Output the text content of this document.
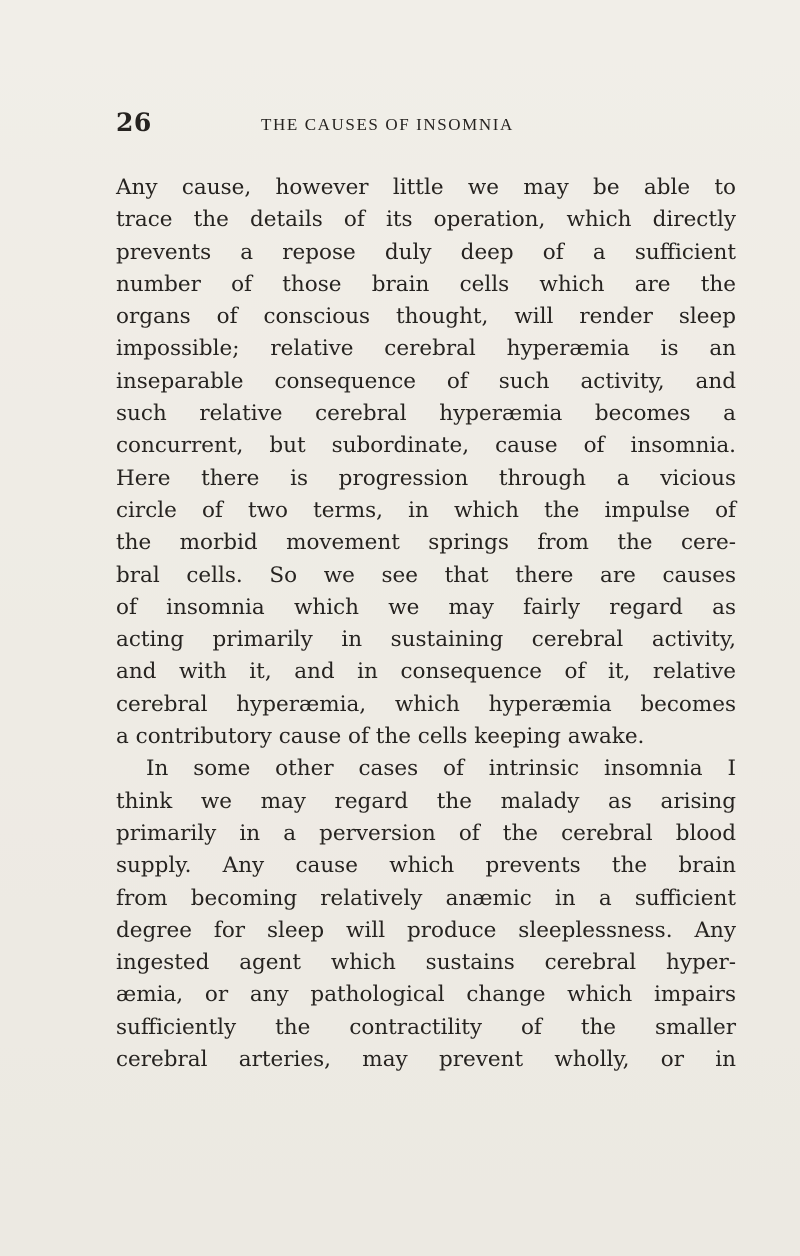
26	THE CAUSES OF INSOMNIA
Any cause, however little we may be able to
trace the details of its operation, which directly
prevents a repose duly deep of a sufficient
number of those brain cells which are the
organs of conscious thought, will render sleep
impossible; relative cerebral hyperæmia is an
inseparable consequence of such activity, and
such relative cerebral hyperæmia becomes a
concurrent, but subordinate, cause of insomnia.
Here there is progression through a vicious
circle of two terms, in which the impulse of
the morbid movement springs from the cere-
bral cells. So we see that there are causes
of insomnia which we may fairly regard as
acting primarily in sustaining cerebral activity,
and with it, and in consequence of it, relative
cerebral hyperæmia, which hyperæmia becomes
a contributory cause of the cells keeping awake.
In some other cases of intrinsic insomnia I
think we may regard the malady as arising
primarily in a perversion of the cerebral blood
supply. Any cause which prevents the brain
from becoming relatively anæmic in a sufficient
degree for sleep will produce sleeplessness. Any
ingested agent which sustains cerebral hyper-
æmia, or any pathological change which impairs
sufficiently the contractility of the smaller
cerebral arteries, may prevent wholly, or in
